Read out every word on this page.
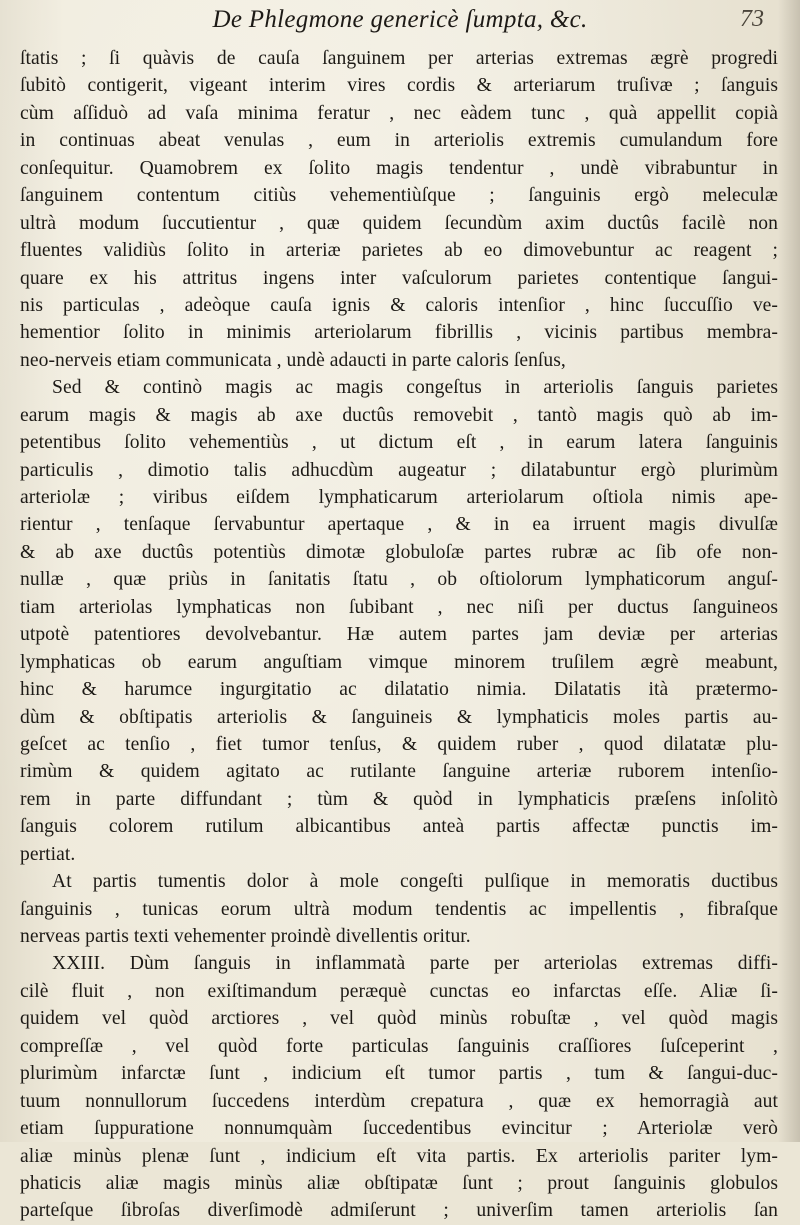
De Phlegmone genericè ſumpta, &c.	73
ſtatis ; ſi quàvis de cauſa ſanguinem per arterias extremas ægrè progredi
ſubitò contigerit, vigeant interim vires cordis & arteriarum truſivæ ; ſanguis
cùm aſſiduò ad vaſa minima feratur , nec eàdem tunc , quà appellit copià
in continuas abeat venulas , eum in arteriolis extremis cumulandum fore
conſequitur. Quamobrem ex ſolito magis tendentur , undè vibrabuntur in
ſanguinem contentum citiùs vehementiùſque ; ſanguinis ergò meleculæ
ultrà modum ſuccutientur , quæ quidem ſecundùm axim ductûs facilè non
fluentes validiùs ſolito in arteriæ parietes ab eo dimovebuntur ac reagent ;
quare ex his attritus ingens inter vaſculorum parietes contentique ſangui-
nis particulas , adeòque cauſa ignis & caloris intenſior , hinc ſuccuſſio ve-
hementior ſolito in minimis arteriolarum fibrillis , vicinis partibus membra-
neo-nerveis etiam communicata , undè adaucti in parte caloris ſenſus,
Sed & continò magis ac magis congeſtus in arteriolis ſanguis parietes
earum magis & magis ab axe ductûs removebit , tantò magis quò ab im-
petentibus ſolito vehementiùs , ut dictum eſt , in earum latera ſanguinis
particulis , dimotio talis adhucdùm augeatur ; dilatabuntur ergò plurimùm
arteriolæ ; viribus eiſdem lymphaticarum arteriolarum oſtiola nimis ape-
rientur , tenſaque ſervabuntur apertaque , & in ea irruent magis divulſæ
& ab axe ductûs potentiùs dimotæ globuloſæ partes rubræ ac ſib ofe non-
nullæ , quæ priùs in ſanitatis ſtatu , ob oſtiolorum lymphaticorum anguſ-
tiam arteriolas lymphaticas non ſubibant , nec niſi per ductus ſanguineos
utpotè patentiores devolvebantur. Hæ autem partes jam deviæ per arterias
lymphaticas ob earum anguſtiam vimque minorem truſilem ægrè meabunt,
hinc & harumce ingurgitatio ac dilatatio nimia. Dilatatis ità prætermo-
dùm & obſtipatis arteriolis & ſanguineis & lymphaticis moles partis au-
geſcet ac tenſio , fiet tumor tenſus, & quidem ruber , quod dilatatæ plu-
rimùm & quidem agitato ac rutilante ſanguine arteriæ ruborem intenſio-
rem in parte diffundant ; tùm & quòd in lymphaticis præſens inſolitò
ſanguis colorem rutilum albicantibus anteà partis affectæ punctis im-
pertiat.
At partis tumentis dolor à mole congeſti pulſique in memoratis ductibus
ſanguinis , tunicas eorum ultrà modum tendentis ac impellentis , fibraſque
nerveas partis texti vehementer proindè divellentis oritur.
XXIII. Dùm ſanguis in inflammatà parte per arteriolas extremas diffi-
cilè fluit , non exiſtimandum peræquè cunctas eo infarctas eſſe. Aliæ ſi-
quidem vel quòd arctiores , vel quòd minùs robuſtæ , vel quòd magis
compreſſæ , vel quòd forte particulas ſanguinis craſſiores ſuſceperint ,
plurimùm infarctæ ſunt , indicium eſt tumor partis , tum & ſangui-duc-
tuum nonnullorum ſuccedens interdùm crepatura , quæ ex hemorragià aut
etiam ſuppuratione nonnumquàm ſuccedentibus evincitur ; Arteriolæ verò
aliæ minùs plenæ ſunt , indicium eſt vita partis. Ex arteriolis pariter lym-
phaticis aliæ magis minùs aliæ obſtipatæ ſunt ; prout ſanguinis globulos
parteſque ſibroſas diverſimodè admiſerunt ; univerſim tamen arteriolis ſan
